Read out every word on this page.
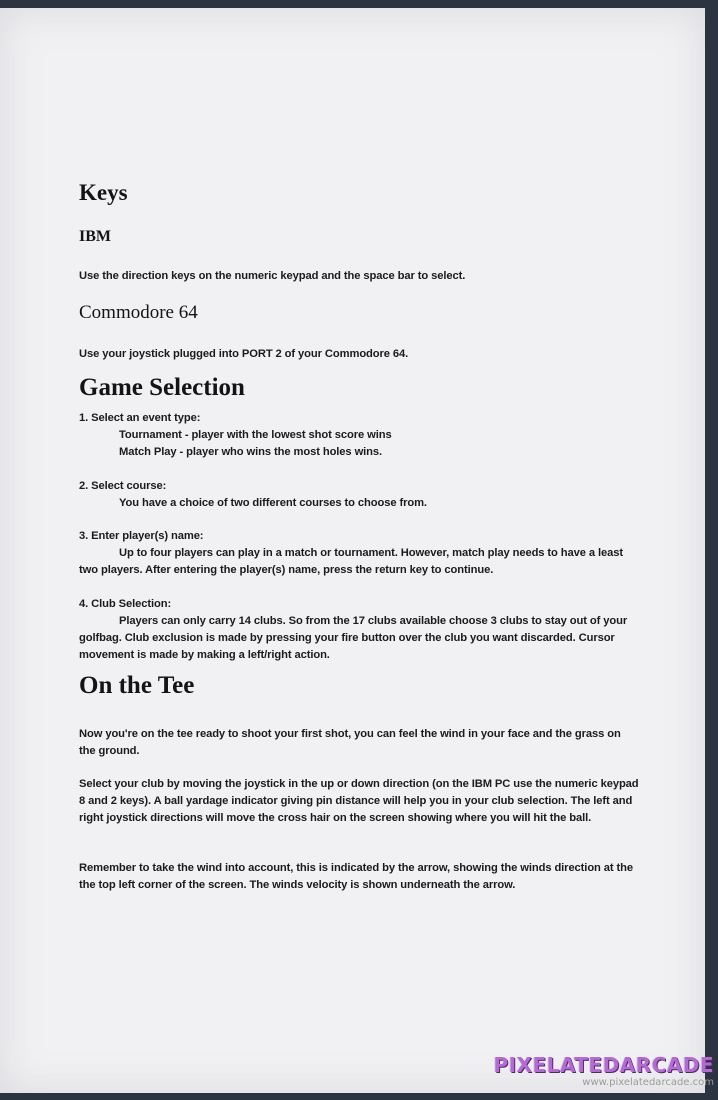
Keys
IBM

Use the direction keys on the numeric keypad and the space bar to select.

Commodore 64

Use your joystick plugged into PORT 2 of your Commodore 64.

Game Selection
1. Select an event type:
Tournament - player with the lowest shot score wins
Match Play - player who wins the most holes wins.
2. Select course:
You have a choice of two different courses to choose from.
3. Enter player(s) name:
Up to four players can play in a match or tournament. However, match play needs to have a least two players. After entering the player(s) name, press the return key to continue.
4. Club Selection:
Players can only carry 14 clubs. So from the 17 clubs available choose 3 clubs to stay out of your golfbag. Club exclusion is made by pressing your fire button over the club you want discarded. Cursor movement is made by making a left/right action.
On the Tee

Now you're on the tee ready to shoot your first shot, you can feel the wind in your face and the grass on the ground.

Select your club by moving the joystick in the up or down direction (on the IBM PC use the numeric keypad 8 and 2 keys). A ball yardage indicator giving pin distance will help you in your club selection. The left and right joystick directions will move the cross hair on the screen showing where you will hit the ball.

Remember to take the wind into account, this is indicated by the arrow, showing the winds direction at the the top left corner of the screen. The winds velocity is shown underneath the arrow.

PIXELATEDARCADE
www.pixelatedarcade.com
